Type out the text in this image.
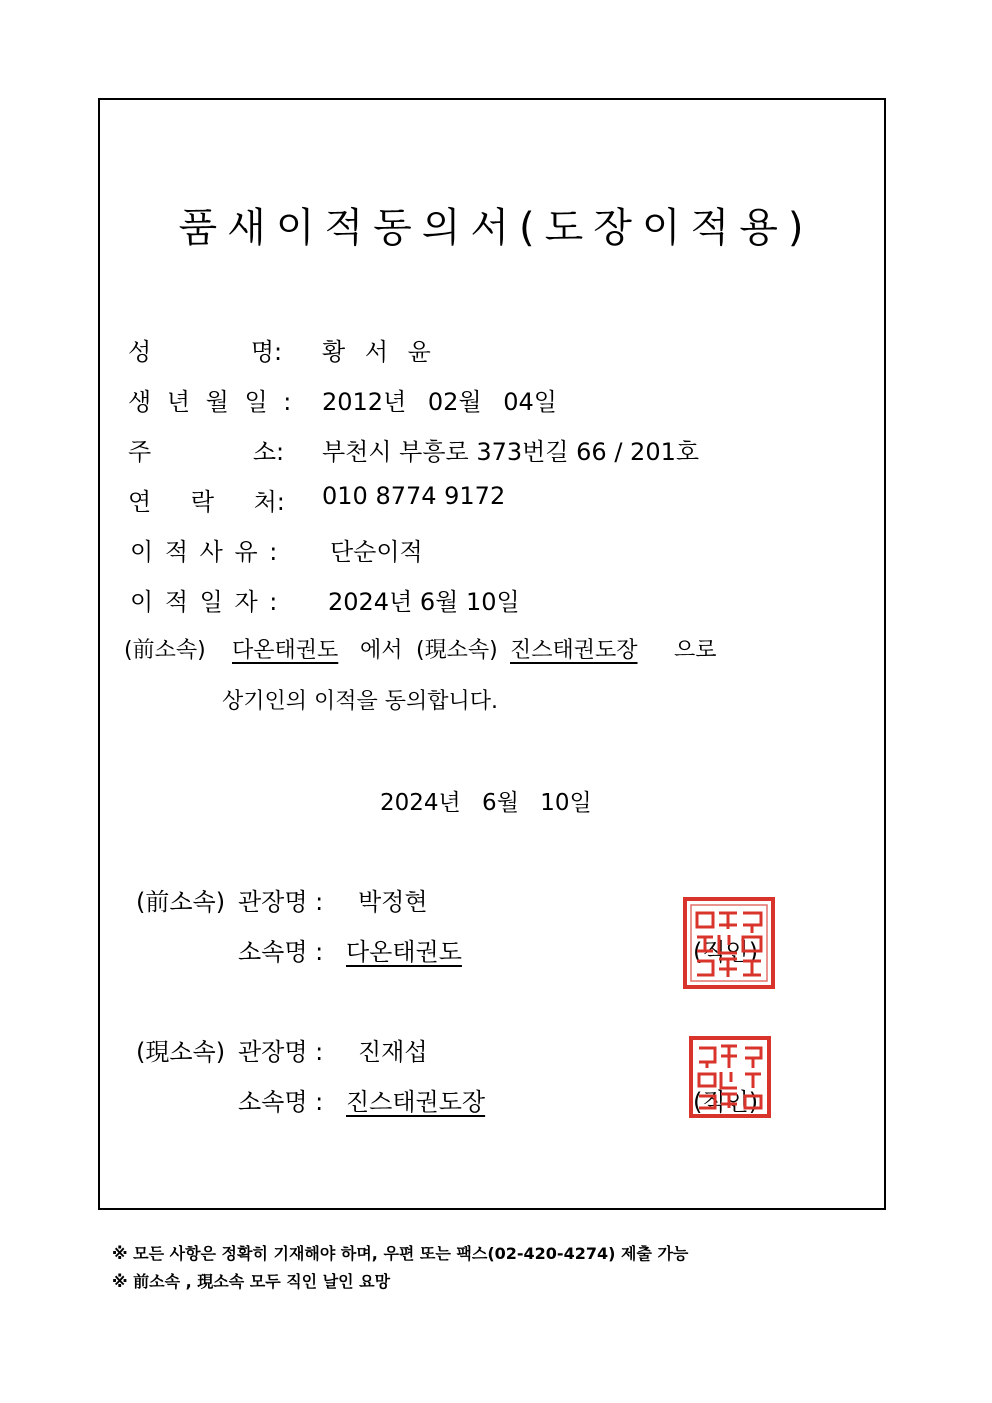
품새이적동의서(도장이적용)
성 명:	황 서 윤
생 년 월 일 : 2012년 02월 04일
주 소: 부천시 부흥로 373번길 66 / 201호
연 락 처: 010 8774 9172
이 적 사 유 : 단순이적
이 적 일 자 : 2024년 6월 10일
(前소속) 다온태권도 에서 (現소속) 진스태권도장 으로
상기인의 이적을 동의합니다.
2024년 6월 10일
(前소속) 관장명 : 박정현
소속명 : 다온태권도	(직인)
(現소속) 관장명 : 진재섭
소속명 : 진스태권도장	(직인)
※ 모든 사항은 정확히 기재해야 하며, 우편 또는 팩스(02-420-4274) 제출 가능
※ 前소속 , 現소속 모두 직인 날인 요망
